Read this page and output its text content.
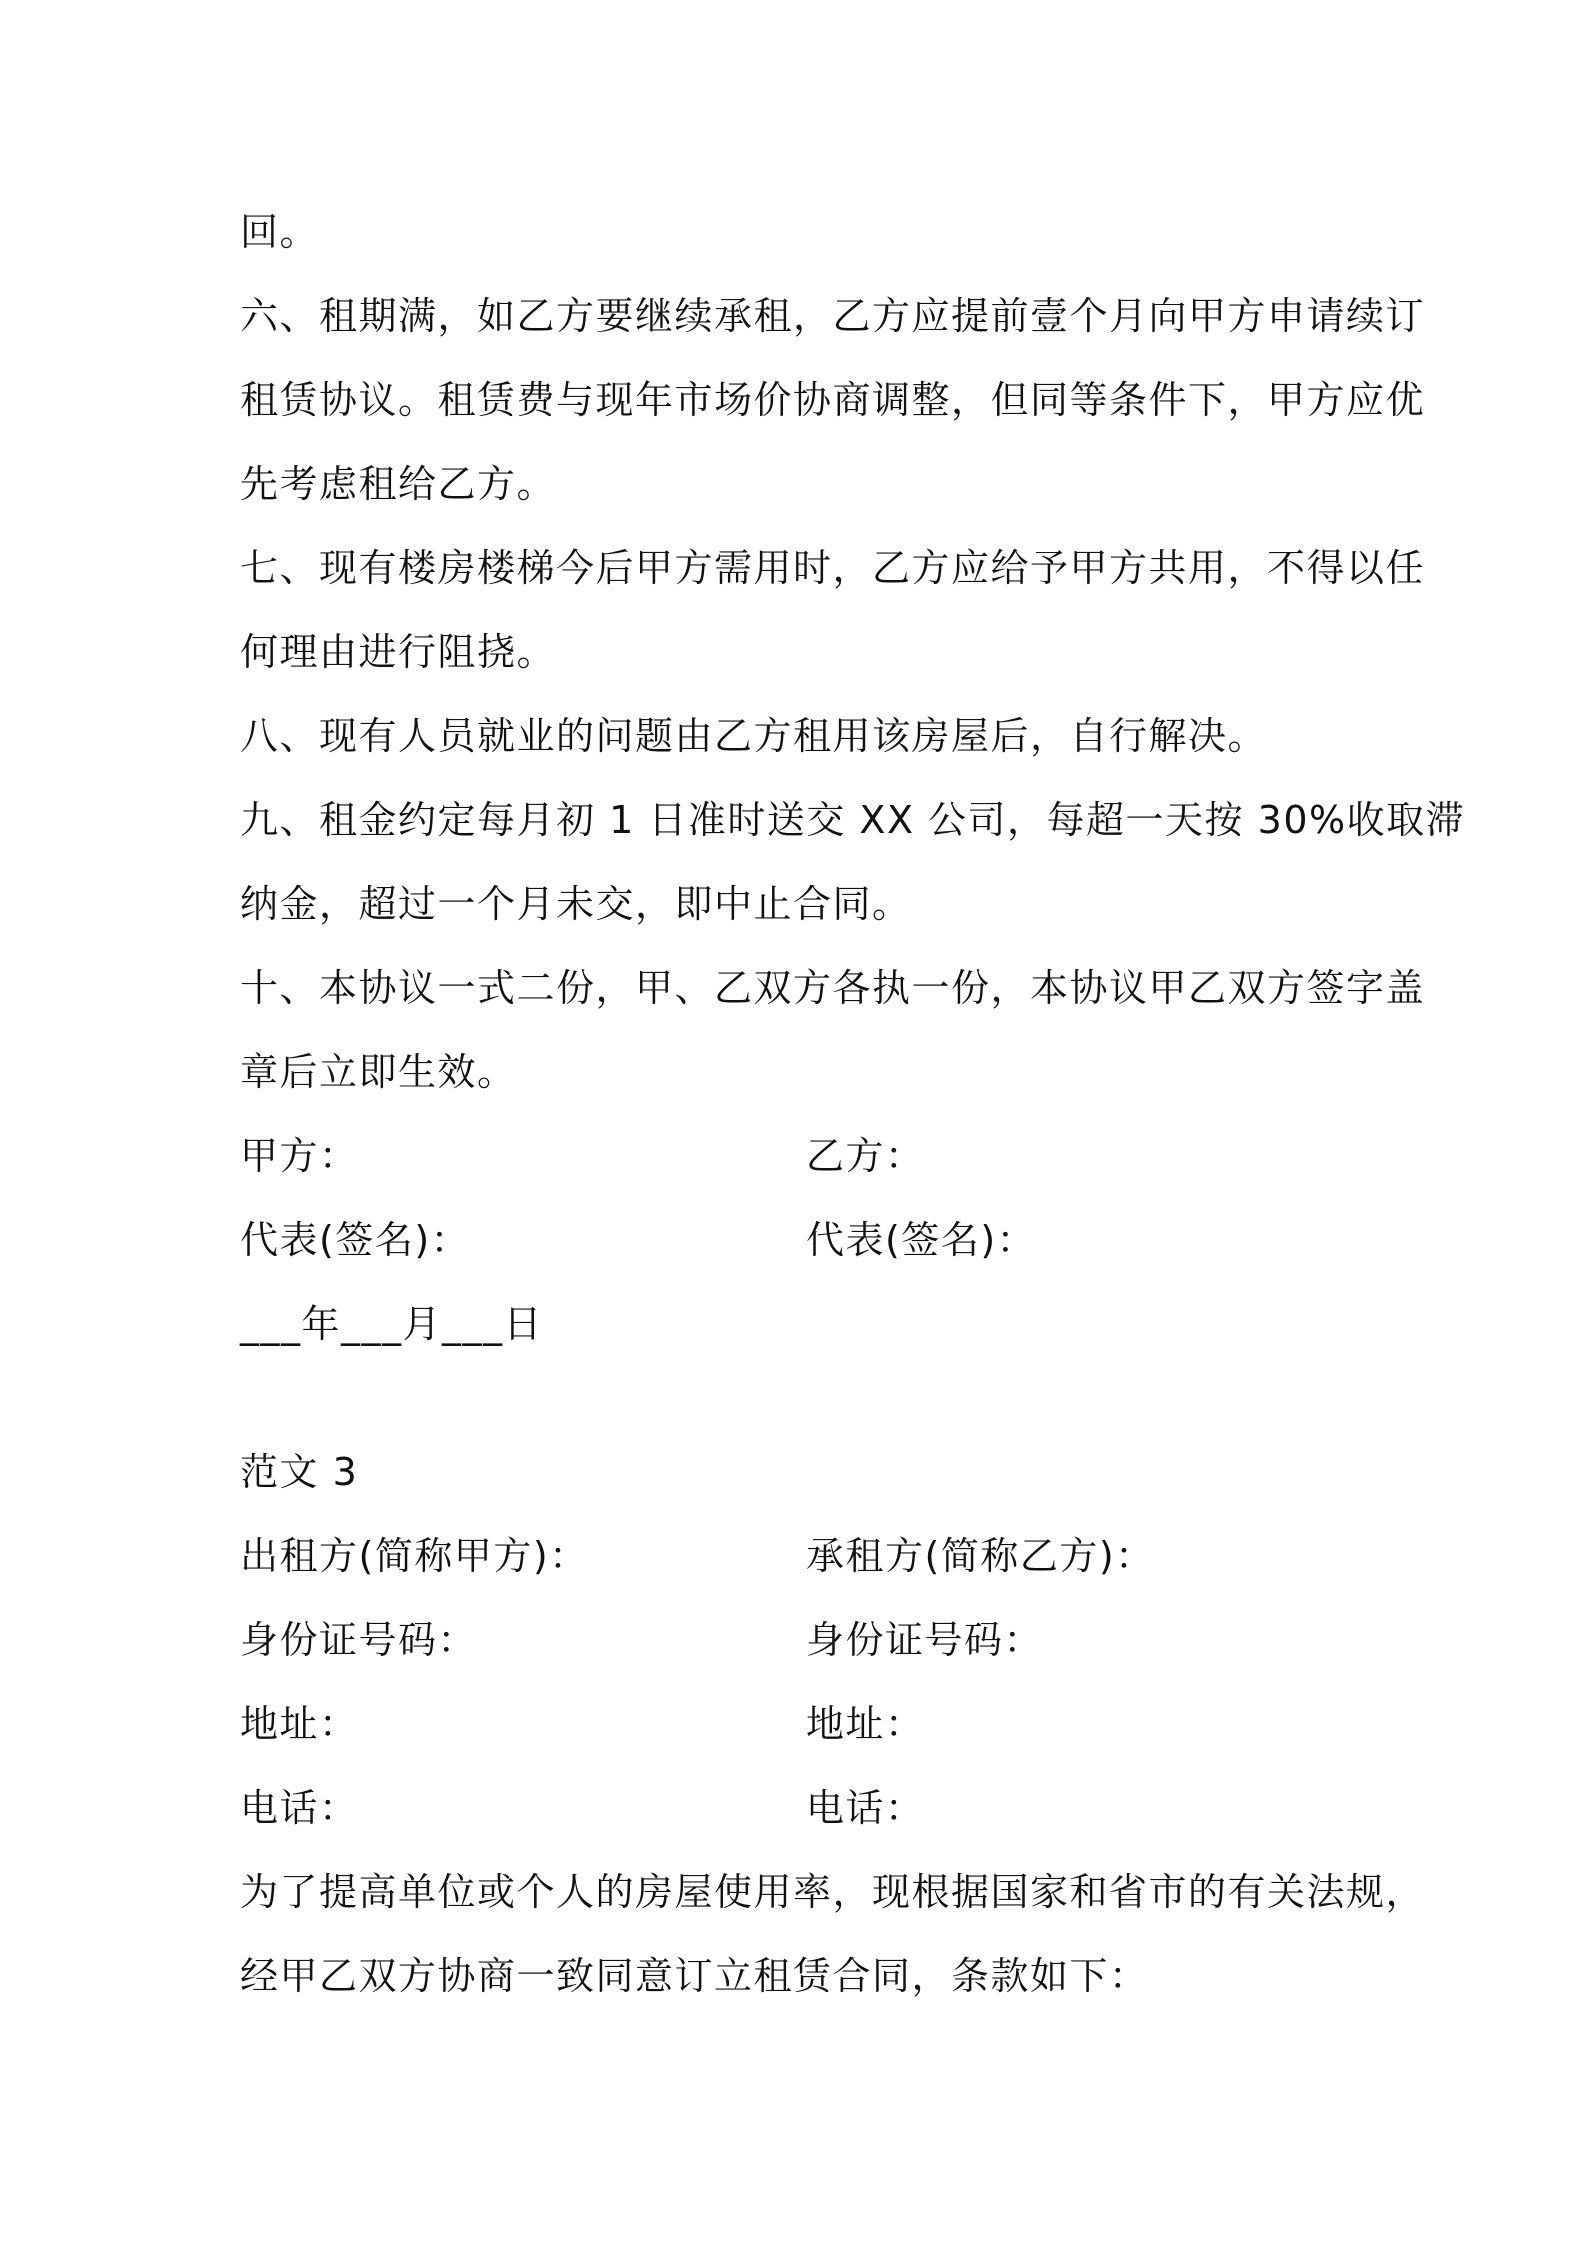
回。
六、租期满，如乙方要继续承租，乙方应提前壹个月向甲方申请续订
租赁协议。租赁费与现年市场价协商调整，但同等条件下，甲方应优
先考虑租给乙方。
七、现有楼房楼梯今后甲方需用时，乙方应给予甲方共用，不得以任
何理由进行阻挠。
八、现有人员就业的问题由乙方租用该房屋后，自行解决。
九、租金约定每月初 1 日准时送交 XX 公司，每超一天按 30%收取滞
纳金，超过一个月未交，即中止合同。
十、本协议一式二份，甲、乙双方各执一份，本协议甲乙双方签字盖
章后立即生效。
甲方：	乙方：
代表(签名)：	代表(签名)：
___年___月___日
范文 3
出租方(简称甲方)：	承租方(简称乙方)：
身份证号码：	身份证号码：
地址：	地址：
电话：	电话：
为了提高单位或个人的房屋使用率，现根据国家和省市的有关法规，
经甲乙双方协商一致同意订立租赁合同，条款如下：
